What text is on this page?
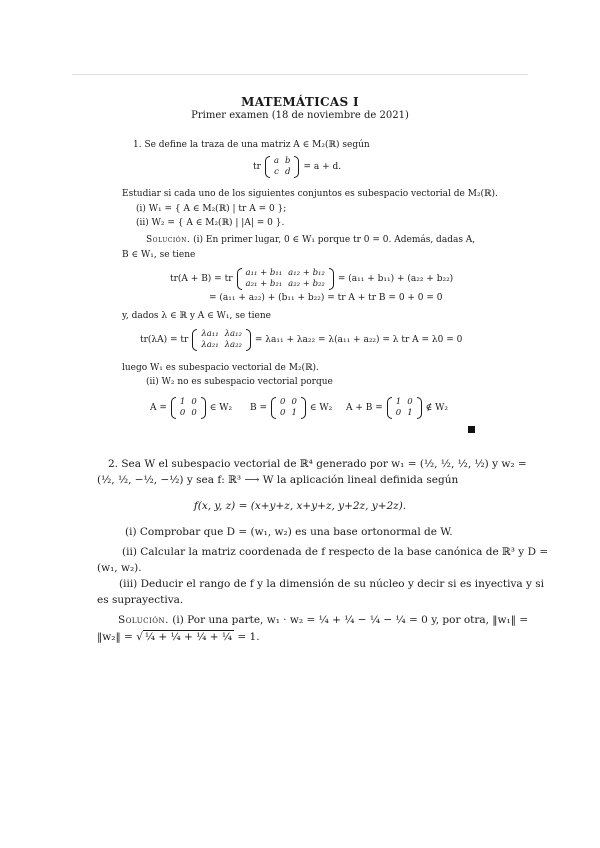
MATEMÁTICAS I
Primer examen (18 de noviembre de 2021)
1. Se define la traza de una matriz A ∈ M₂(ℝ) según
tr
a	b
c	d = a + d.
Estudiar si cada uno de los siguientes conjuntos es subespacio vectorial de M₂(ℝ).
(i) W₁ = { A ∈ M₂(ℝ) | tr A = 0 };
(ii) W₂ = { A ∈ M₂(ℝ) | |A| = 0 }.
Solución. (i) En primer lugar, 0 ∈ W₁ porque tr 0 = 0. Además, dadas A,
B ∈ W₁, se tiene
tr(A + B) = tr
a₁₁ + b₁₁	a₁₂ + b₁₂
a₂₁ + b₂₁	a₂₂ + b₂₂ = (a₁₁ + b₁₁) + (a₂₂ + b₂₂)
= (a₁₁ + a₂₂) + (b₁₁ + b₂₂) = tr A + tr B = 0 + 0 = 0
y, dados λ ∈ ℝ y A ∈ W₁, se tiene
tr(λA) = tr
λa₁₁	λa₁₂
λa₂₁	λa₂₂ = λa₁₁ + λa₂₂ = λ(a₁₁ + a₂₂) = λ tr A = λ0 = 0
luego W₁ es subespacio vectorial de M₂(ℝ).
(ii) W₂ no es subespacio vectorial porque
A =
1	0
0	0 ∈ W₂ B =
0	0
0	1 ∈ W₂ A + B =
1	0
0	1 ∉ W₂
2. Sea W el subespacio vectorial de ℝ⁴ generado por w₁ = (½, ½, ½, ½) y w₂ =
(½, ½, −½, −½) y sea f: ℝ³ ⟶ W la aplicación lineal definida según
f(x, y, z) = (x+y+z, x+y+z, y+2z, y+2z).
(i) Comprobar que D = (w₁, w₂) es una base ortonormal de W.
(ii) Calcular la matriz coordenada de f respecto de la base canónica de ℝ³ y D =
(w₁, w₂).
(iii) Deducir el rango de f y la dimensión de su núcleo y decir si es inyectiva y si
es suprayectiva.
Solución. (i) Por una parte, w₁ · w₂ = ¼ + ¼ − ¼ − ¼ = 0 y, por otra, ‖w₁‖ =
‖w₂‖ = √ ¼ + ¼ + ¼ + ¼ = 1.
